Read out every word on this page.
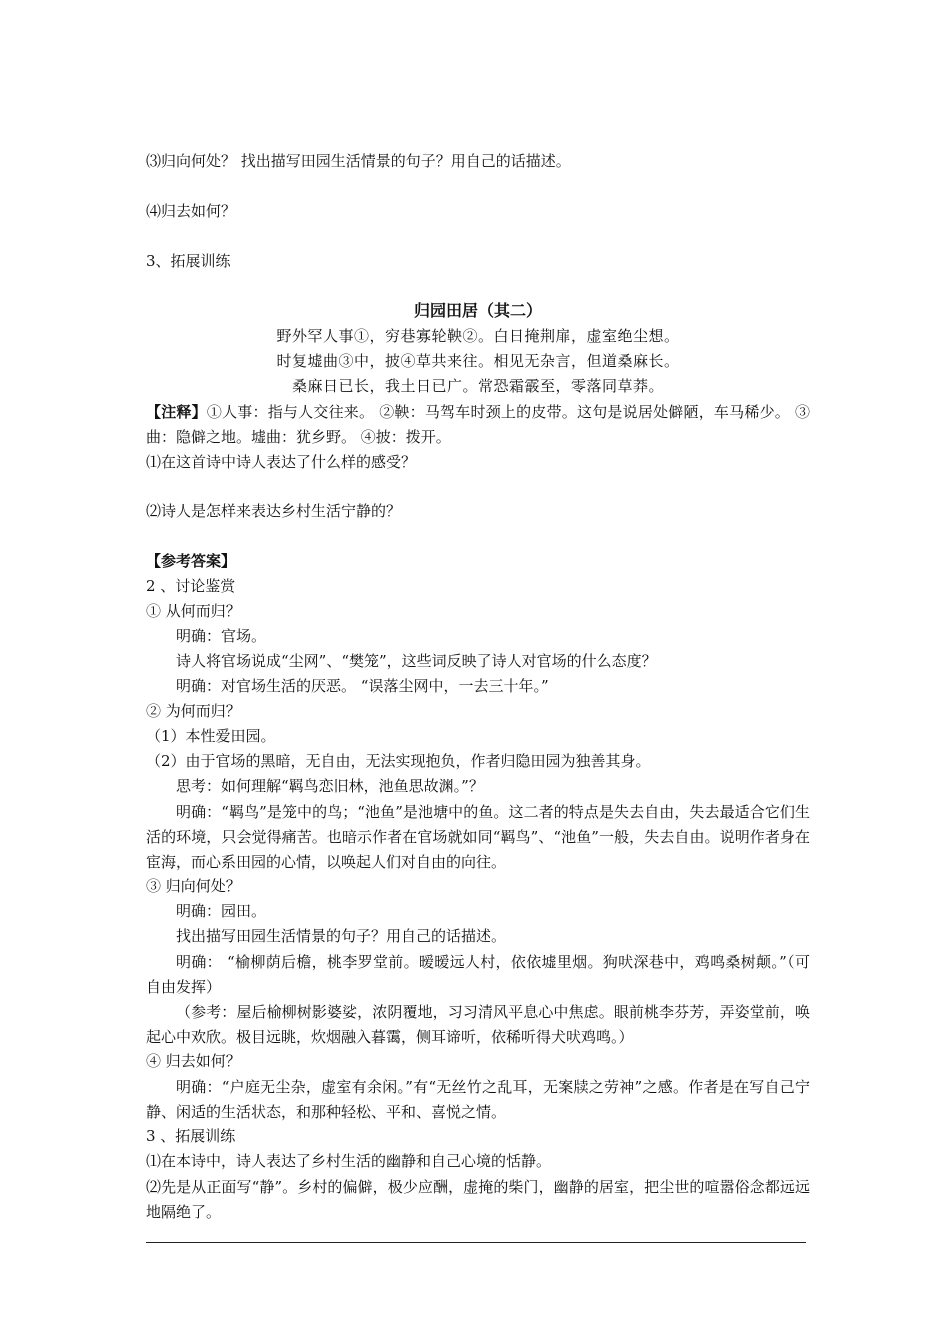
⑶归向何处？ 找出描写田园生活情景的句子？用自己的话描述。
⑷归去如何？
3、拓展训练
归园田居（其二）
野外罕人事①，穷巷寡轮鞅②。白日掩荆扉，虚室绝尘想。
时复墟曲③中，披④草共来往。相见无杂言，但道桑麻长。
桑麻日已长，我土日已广。常恐霜霰至，零落同草莽。
【注释】①人事：指与人交往来。 ②鞅：马驾车时颈上的皮带。这句是说居处僻陋，车马稀少。 ③曲：隐僻之地。墟曲：犹乡野。 ④披：拨开。
⑴在这首诗中诗人表达了什么样的感受？
⑵诗人是怎样来表达乡村生活宁静的？
【参考答案】
2 、讨论鉴赏
① 从何而归？
明确：官场。
诗人将官场说成“尘网”、“樊笼”，这些词反映了诗人对官场的什么态度？
明确：对官场生活的厌恶。 “误落尘网中，一去三十年。”
② 为何而归？
（1）本性爱田园。
（2）由于官场的黑暗，无自由，无法实现抱负，作者归隐田园为独善其身。
思考：如何理解“羁鸟恋旧林，池鱼思故渊。”？
明确：“羁鸟”是笼中的鸟；“池鱼”是池塘中的鱼。这二者的特点是失去自由，失去最适合它们生活的环境，只会觉得痛苦。也暗示作者在官场就如同“羁鸟”、“池鱼”一般，失去自由。说明作者身在宦海，而心系田园的心情，以唤起人们对自由的向往。
③ 归向何处？
明确：园田。
找出描写田园生活情景的句子？用自己的话描述。
明确： “榆柳荫后檐，桃李罗堂前。暧暧远人村，依依墟里烟。狗吠深巷中，鸡鸣桑树颠。”（可自由发挥）
（参考：屋后榆柳树影婆娑，浓阴覆地，习习清风平息心中焦虑。眼前桃李芬芳，弄姿堂前，唤起心中欢欣。极目远眺，炊烟融入暮霭，侧耳谛听，依稀听得犬吠鸡鸣。）
④ 归去如何？
明确：“户庭无尘杂，虚室有余闲。”有“无丝竹之乱耳，无案牍之劳神”之感。作者是在写自己宁静、闲适的生活状态，和那种轻松、平和、喜悦之情。
3 、拓展训练
⑴在本诗中，诗人表达了乡村生活的幽静和自己心境的恬静。
⑵先是从正面写“静”。乡村的偏僻，极少应酬，虚掩的柴门，幽静的居室，把尘世的喧嚣俗念都远远地隔绝了。
